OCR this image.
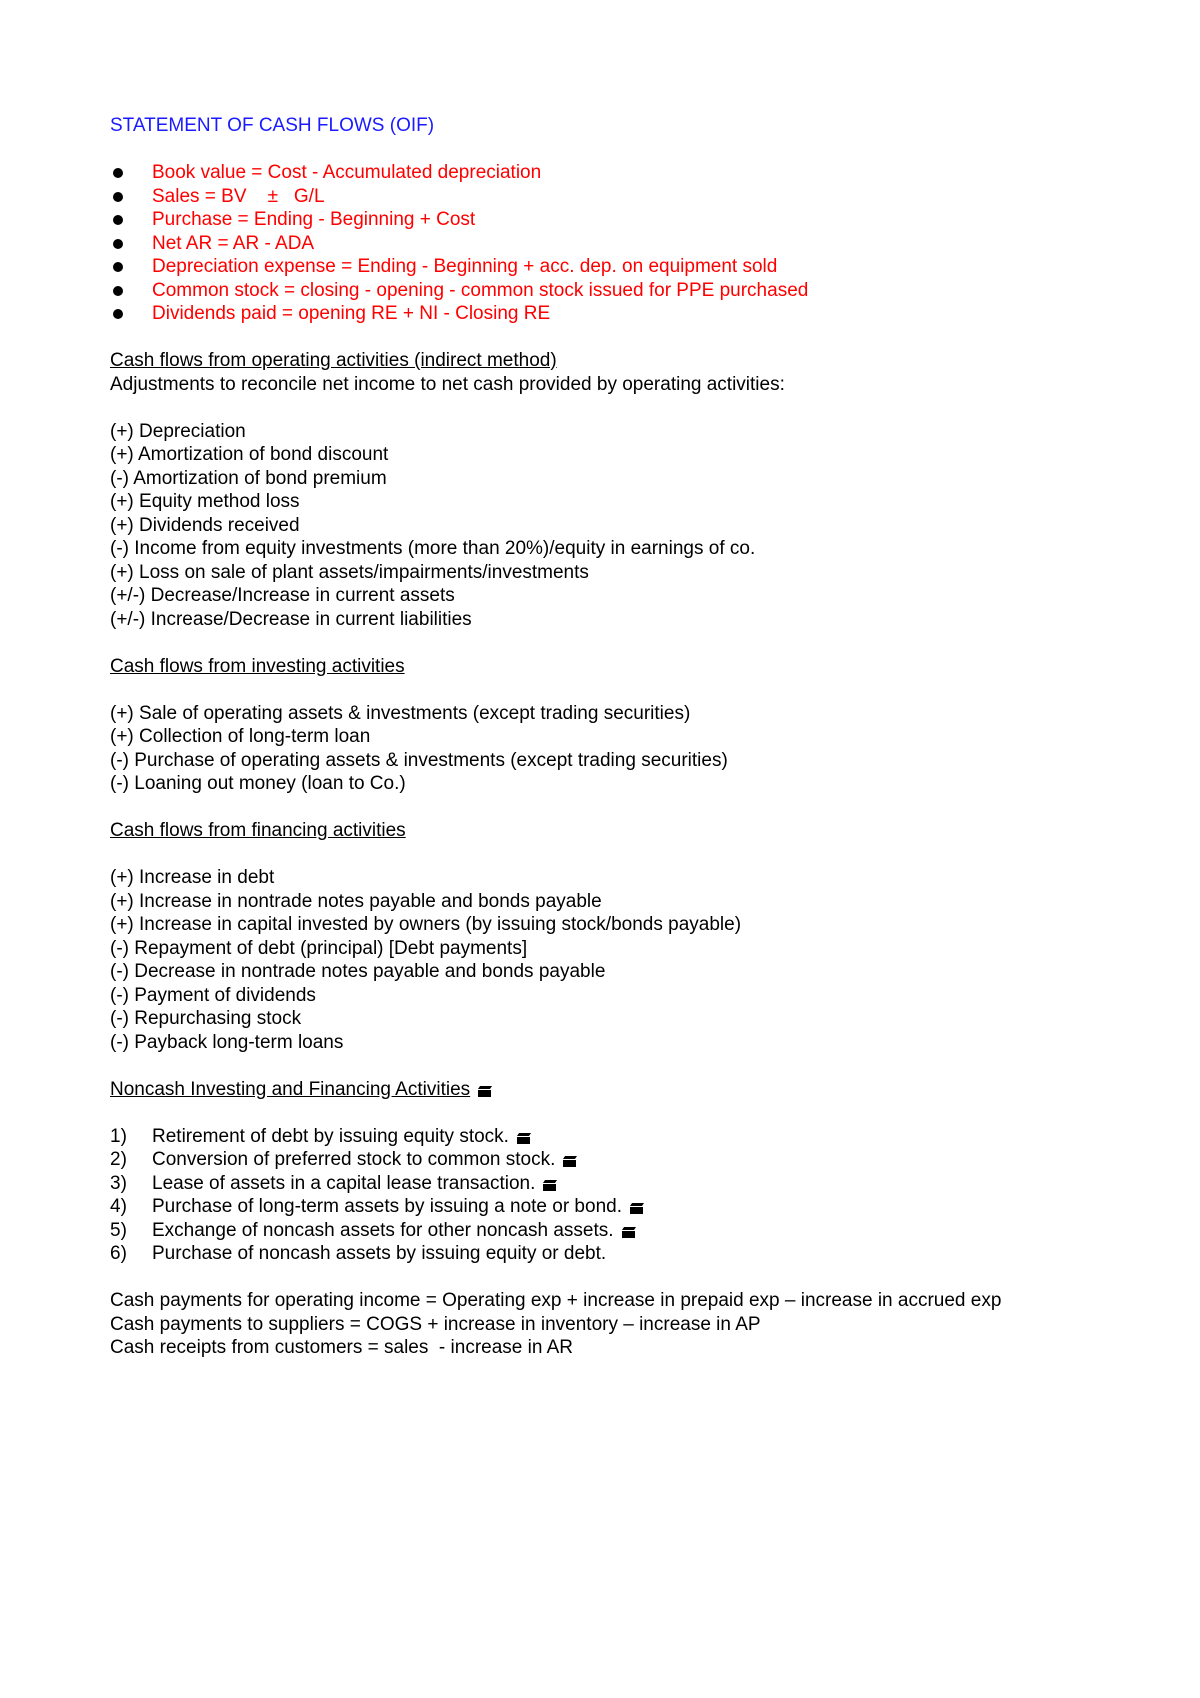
STATEMENT OF CASH FLOWS (OIF)
Book value = Cost - Accumulated depreciation
Sales = BV    ±   G/L
Purchase = Ending - Beginning + Cost
Net AR = AR - ADA
Depreciation expense = Ending - Beginning + acc. dep. on equipment sold
Common stock = closing - opening - common stock issued for PPE purchased
Dividends paid = opening RE + NI - Closing RE
Cash flows from operating activities (indirect method)
Adjustments to reconcile net income to net cash provided by operating activities:
(+) Depreciation
(+) Amortization of bond discount
(-) Amortization of bond premium
(+) Equity method loss
(+) Dividends received
(-) Income from equity investments (more than 20%)/equity in earnings of co.
(+) Loss on sale of plant assets/impairments/investments
(+/-) Decrease/Increase in current assets
(+/-) Increase/Decrease in current liabilities
Cash flows from investing activities
(+) Sale of operating assets & investments (except trading securities)
(+) Collection of long-term loan
(-) Purchase of operating assets & investments (except trading securities)
(-) Loaning out money (loan to Co.)
Cash flows from financing activities
(+) Increase in debt
(+) Increase in nontrade notes payable and bonds payable
(+) Increase in capital invested by owners (by issuing stock/bonds payable)
(-) Repayment of debt (principal) [Debt payments]
(-) Decrease in nontrade notes payable and bonds payable
(-) Payment of dividends
(-) Repurchasing stock
(-) Payback long-term loans
Noncash Investing and Financing Activities
1) Retirement of debt by issuing equity stock.
2) Conversion of preferred stock to common stock.
3) Lease of assets in a capital lease transaction.
4) Purchase of long-term assets by issuing a note or bond.
5) Exchange of noncash assets for other noncash assets.
6) Purchase of noncash assets by issuing equity or debt.
Cash payments for operating income = Operating exp + increase in prepaid exp – increase in accrued exp
Cash payments to suppliers = COGS + increase in inventory – increase in AP
Cash receipts from customers = sales  - increase in AR
